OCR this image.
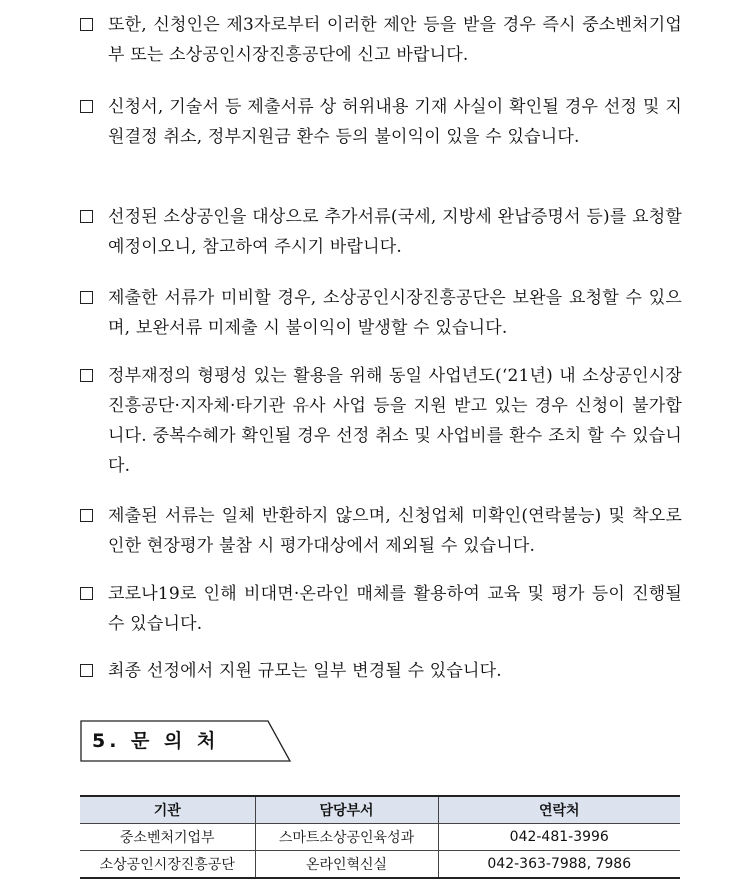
또한, 신청인은 제3자로부터 이러한 제안 등을 받을 경우 즉시 중소벤처기업부 또는 소상공인시장진흥공단에 신고 바랍니다.
신청서, 기술서 등 제출서류 상 허위내용 기재 사실이 확인될 경우 선정 및 지원결정 취소, 정부지원금 환수 등의 불이익이 있을 수 있습니다.
선정된 소상공인을 대상으로 추가서류(국세, 지방세 완납증명서 등)를 요청할 예정이오니, 참고하여 주시기 바랍니다.
제출한 서류가 미비할 경우, 소상공인시장진흥공단은 보완을 요청할 수 있으며, 보완서류 미제출 시 불이익이 발생할 수 있습니다.
정부재정의 형평성 있는 활용을 위해 동일 사업년도(‘21년) 내 소상공인시장진흥공단·지자체·타기관 유사 사업 등을 지원 받고 있는 경우 신청이 불가합니다. 중복수혜가 확인될 경우 선정 취소 및 사업비를 환수 조치 할 수 있습니다.
제출된 서류는 일체 반환하지 않으며, 신청업체 미확인(연락불능) 및 착오로 인한 현장평가 불참 시 평가대상에서 제외될 수 있습니다.
코로나19로 인해 비대면·온라인 매체를 활용하여 교육 및 평가 등이 진행될 수 있습니다.
최종 선정에서 지원 규모는 일부 변경될 수 있습니다.
5. 문 의 처
기관	담당부서	연락처
중소벤처기업부	스마트소상공인육성과	042-481-3996
소상공인시장진흥공단	온라인혁신실	042-363-7988, 7986
